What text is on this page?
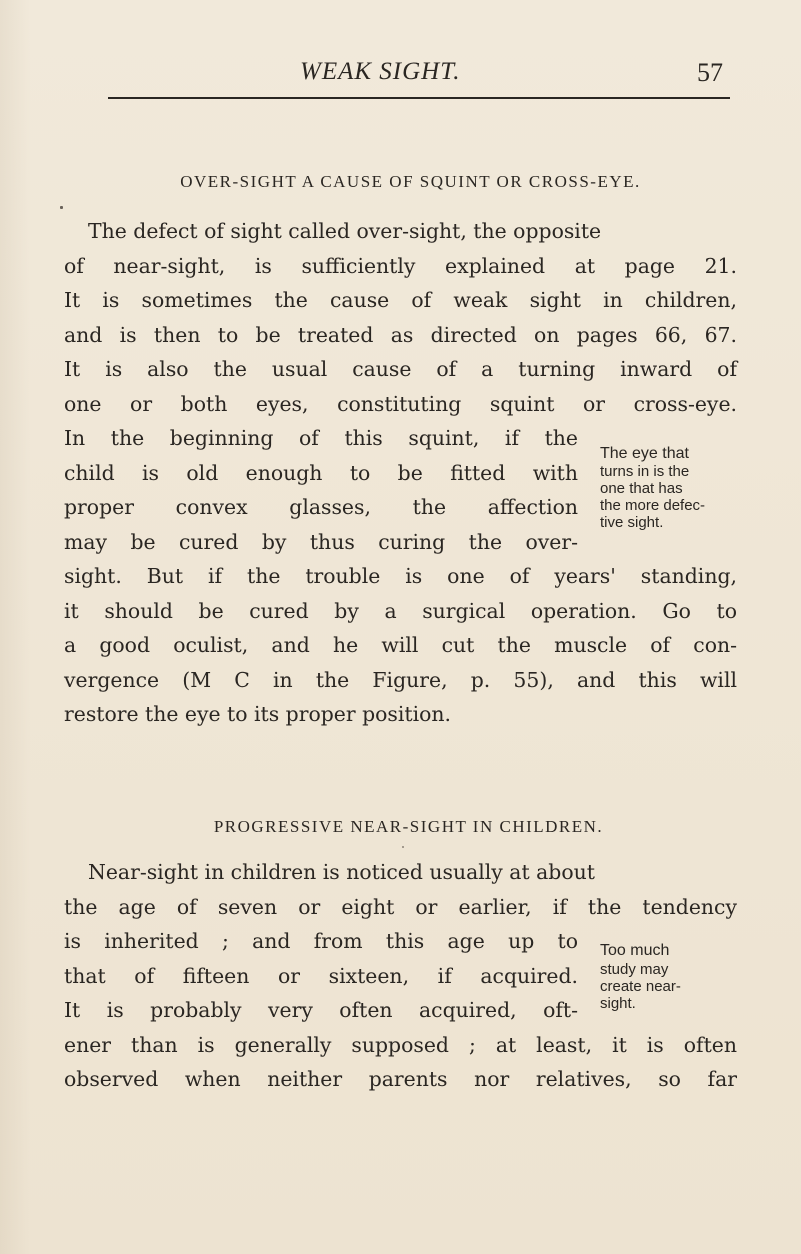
WEAK SIGHT.	57
OVER-SIGHT A CAUSE OF SQUINT OR CROSS-EYE.
The defect of sight called over-sight, the opposite
of near-sight, is sufficiently explained at page 21.
It is sometimes the cause of weak sight in children,
and is then to be treated as directed on pages 66, 67.
It is also the usual cause of a turning inward of
one or both eyes, constituting squint or cross-eye.
In the beginning of this squint, if the
child is old enough to be fitted with
proper convex glasses, the affection
may be cured by thus curing the over-
sight. But if the trouble is one of years' standing,
it should be cured by a surgical operation. Go to
a good oculist, and he will cut the muscle of con-
vergence (M C in the Figure, p. 55), and this will
restore the eye to its proper position.
The eye that
turns in is the
one that has
the more defec-
tive sight.
PROGRESSIVE NEAR-SIGHT IN CHILDREN.
Near-sight in children is noticed usually at about
the age of seven or eight or earlier, if the tendency
is inherited ; and from this age up to
that of fifteen or sixteen, if acquired.
It is probably very often acquired, oft-
ener than is generally supposed ; at least, it is often
observed when neither parents nor relatives, so far
Too much
study may
create near-
sight.
